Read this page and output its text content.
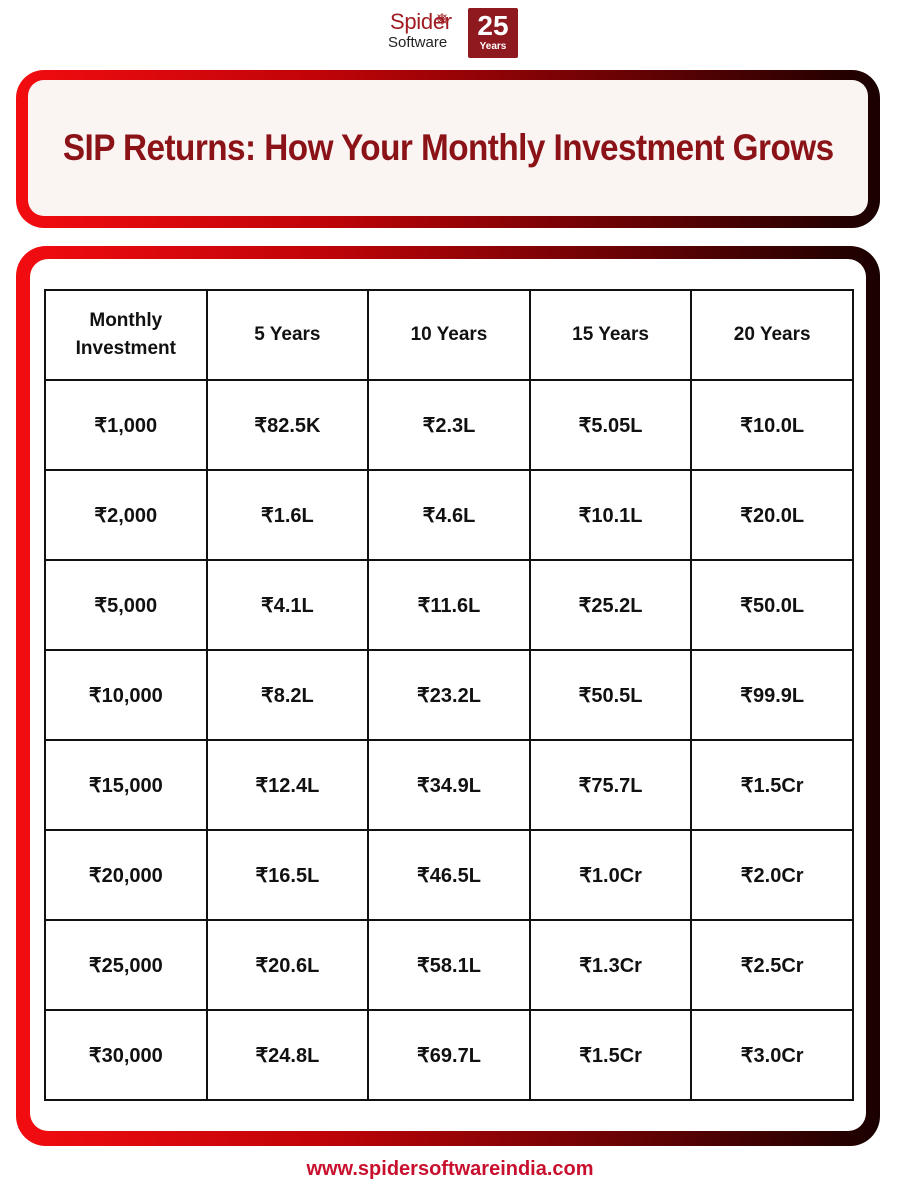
Spider
Software
25
Years
SIP Returns: How Your Monthly Investment Grows
Monthly
Investment	5 Years	10 Years	15 Years	20 Years
₹1,000	₹82.5K	₹2.3L	₹5.05L	₹10.0L
₹2,000	₹1.6L	₹4.6L	₹10.1L	₹20.0L
₹5,000	₹4.1L	₹11.6L	₹25.2L	₹50.0L
₹10,000	₹8.2L	₹23.2L	₹50.5L	₹99.9L
₹15,000	₹12.4L	₹34.9L	₹75.7L	₹1.5Cr
₹20,000	₹16.5L	₹46.5L	₹1.0Cr	₹2.0Cr
₹25,000	₹20.6L	₹58.1L	₹1.3Cr	₹2.5Cr
₹30,000	₹24.8L	₹69.7L	₹1.5Cr	₹3.0Cr
www.spidersoftwareindia.com
